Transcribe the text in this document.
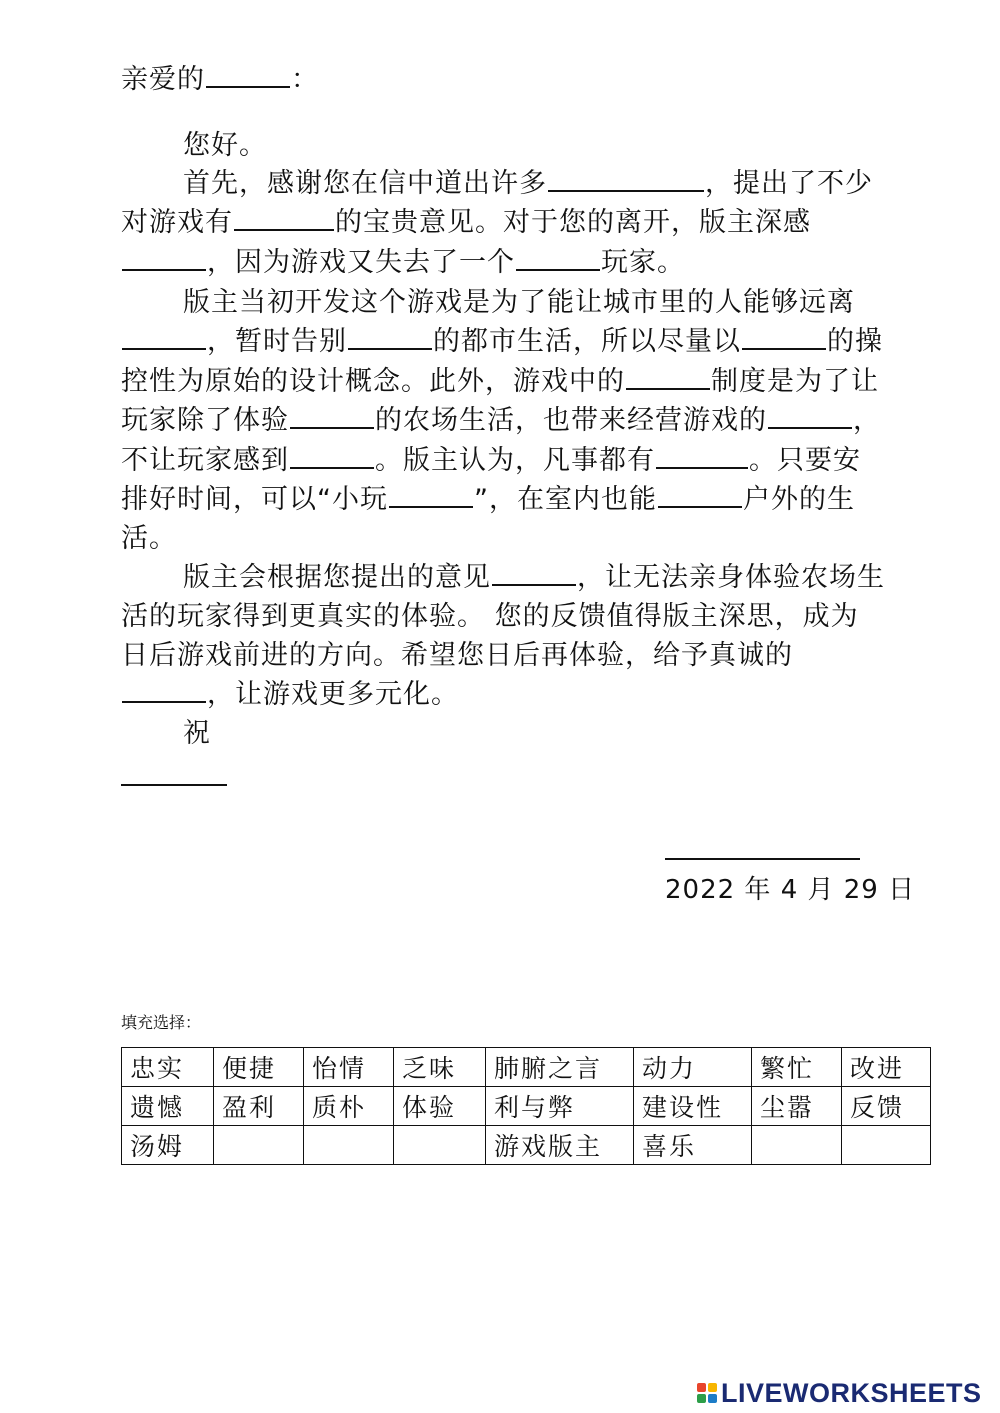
亲爱的	：

您好。

首先，感谢您在信中道出许多	，提出了不少

对游戏有	的宝贵意见。对于您的离开，版主深感

，因为游戏又失去了一个	玩家。

版主当初开发这个游戏是为了能让城市里的人能够远离

，暂时告别	的都市生活，所以尽量以	的操

控性为原始的设计概念。此外，游戏中的	制度是为了让

玩家除了体验	的农场生活，也带来经营游戏的	，

不让玩家感到	。版主认为，凡事都有	。只要安

排好时间，可以“小玩	”，在室内也能	户外的生

活。

版主会根据您提出的意见	，让无法亲身体验农场生

活的玩家得到更真实的体验。 您的反馈值得版主深思，成为

日后游戏前进的方向。希望您日后再体验，给予真诚的

，让游戏更多元化。

祝

2022 年 4 月 29 日

填充选择：

忠实	便捷	怡情	乏味	肺腑之言	动力	繁忙	改进
遗憾	盈利	质朴	体验	利与弊	建设性	尘嚣	反馈
汤姆				游戏版主	喜乐		
LIVEWORKSHEETS
